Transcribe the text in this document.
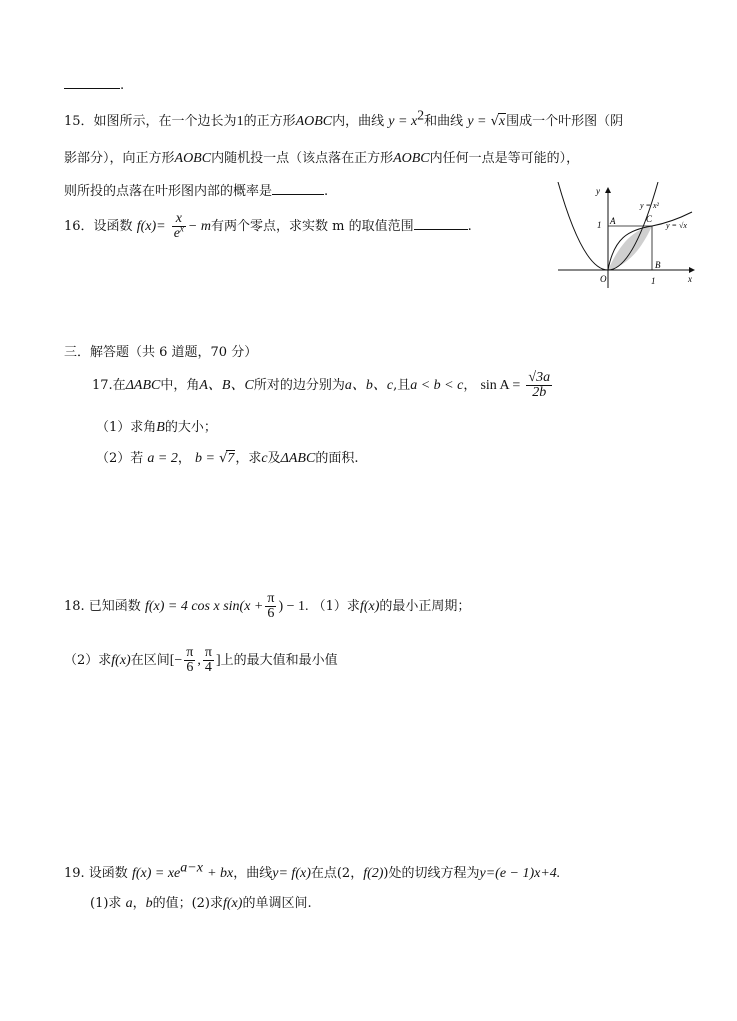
.
15．如图所示，在一个边长为1的正方形AOBC内，曲线 $y = x^2$和曲线 y = √x围成一个叶形图（阴
影部分），向正方形AOBC内随机投一点（该点落在正方形AOBC内任何一点是等可能的），
则所投的点落在叶形图内部的概率是	.
16．设函数 $f(x)= \frac{x}{e^x} - m$有两个零点，求实数 m 的取值范围	.
y
x
O
A
B
C
1
1
y = x²
y = √x
三．解答题（共 6 道题，70 分）
17.在ΔABC中，角A、B、C所对的边分别为a、b、c,且a < b < c， $\sin A = \frac{√3a}{2b}$
（1）求角B的大小；
（2）若 a = 2， b = √7，求c及ΔABC的面积.
18. 已知函数 f(x) = 4 cos x $\sin(x + \frac{\pi}{6}$ ) − 1. （1）求f(x)的最小正周期；
（2）求f(x)在区间[− $\frac{\pi}{6}$ , $\frac{\pi}{4}$ ]上的最大值和最小值
19. 设函数 $f(x) = xe^{a-x}$ + bx，曲线y= f(x)在点(2，f(2))处的切线方程为y=(e − 1)x+4.
(1)求 a，b的值；(2)求f(x)的单调区间.
